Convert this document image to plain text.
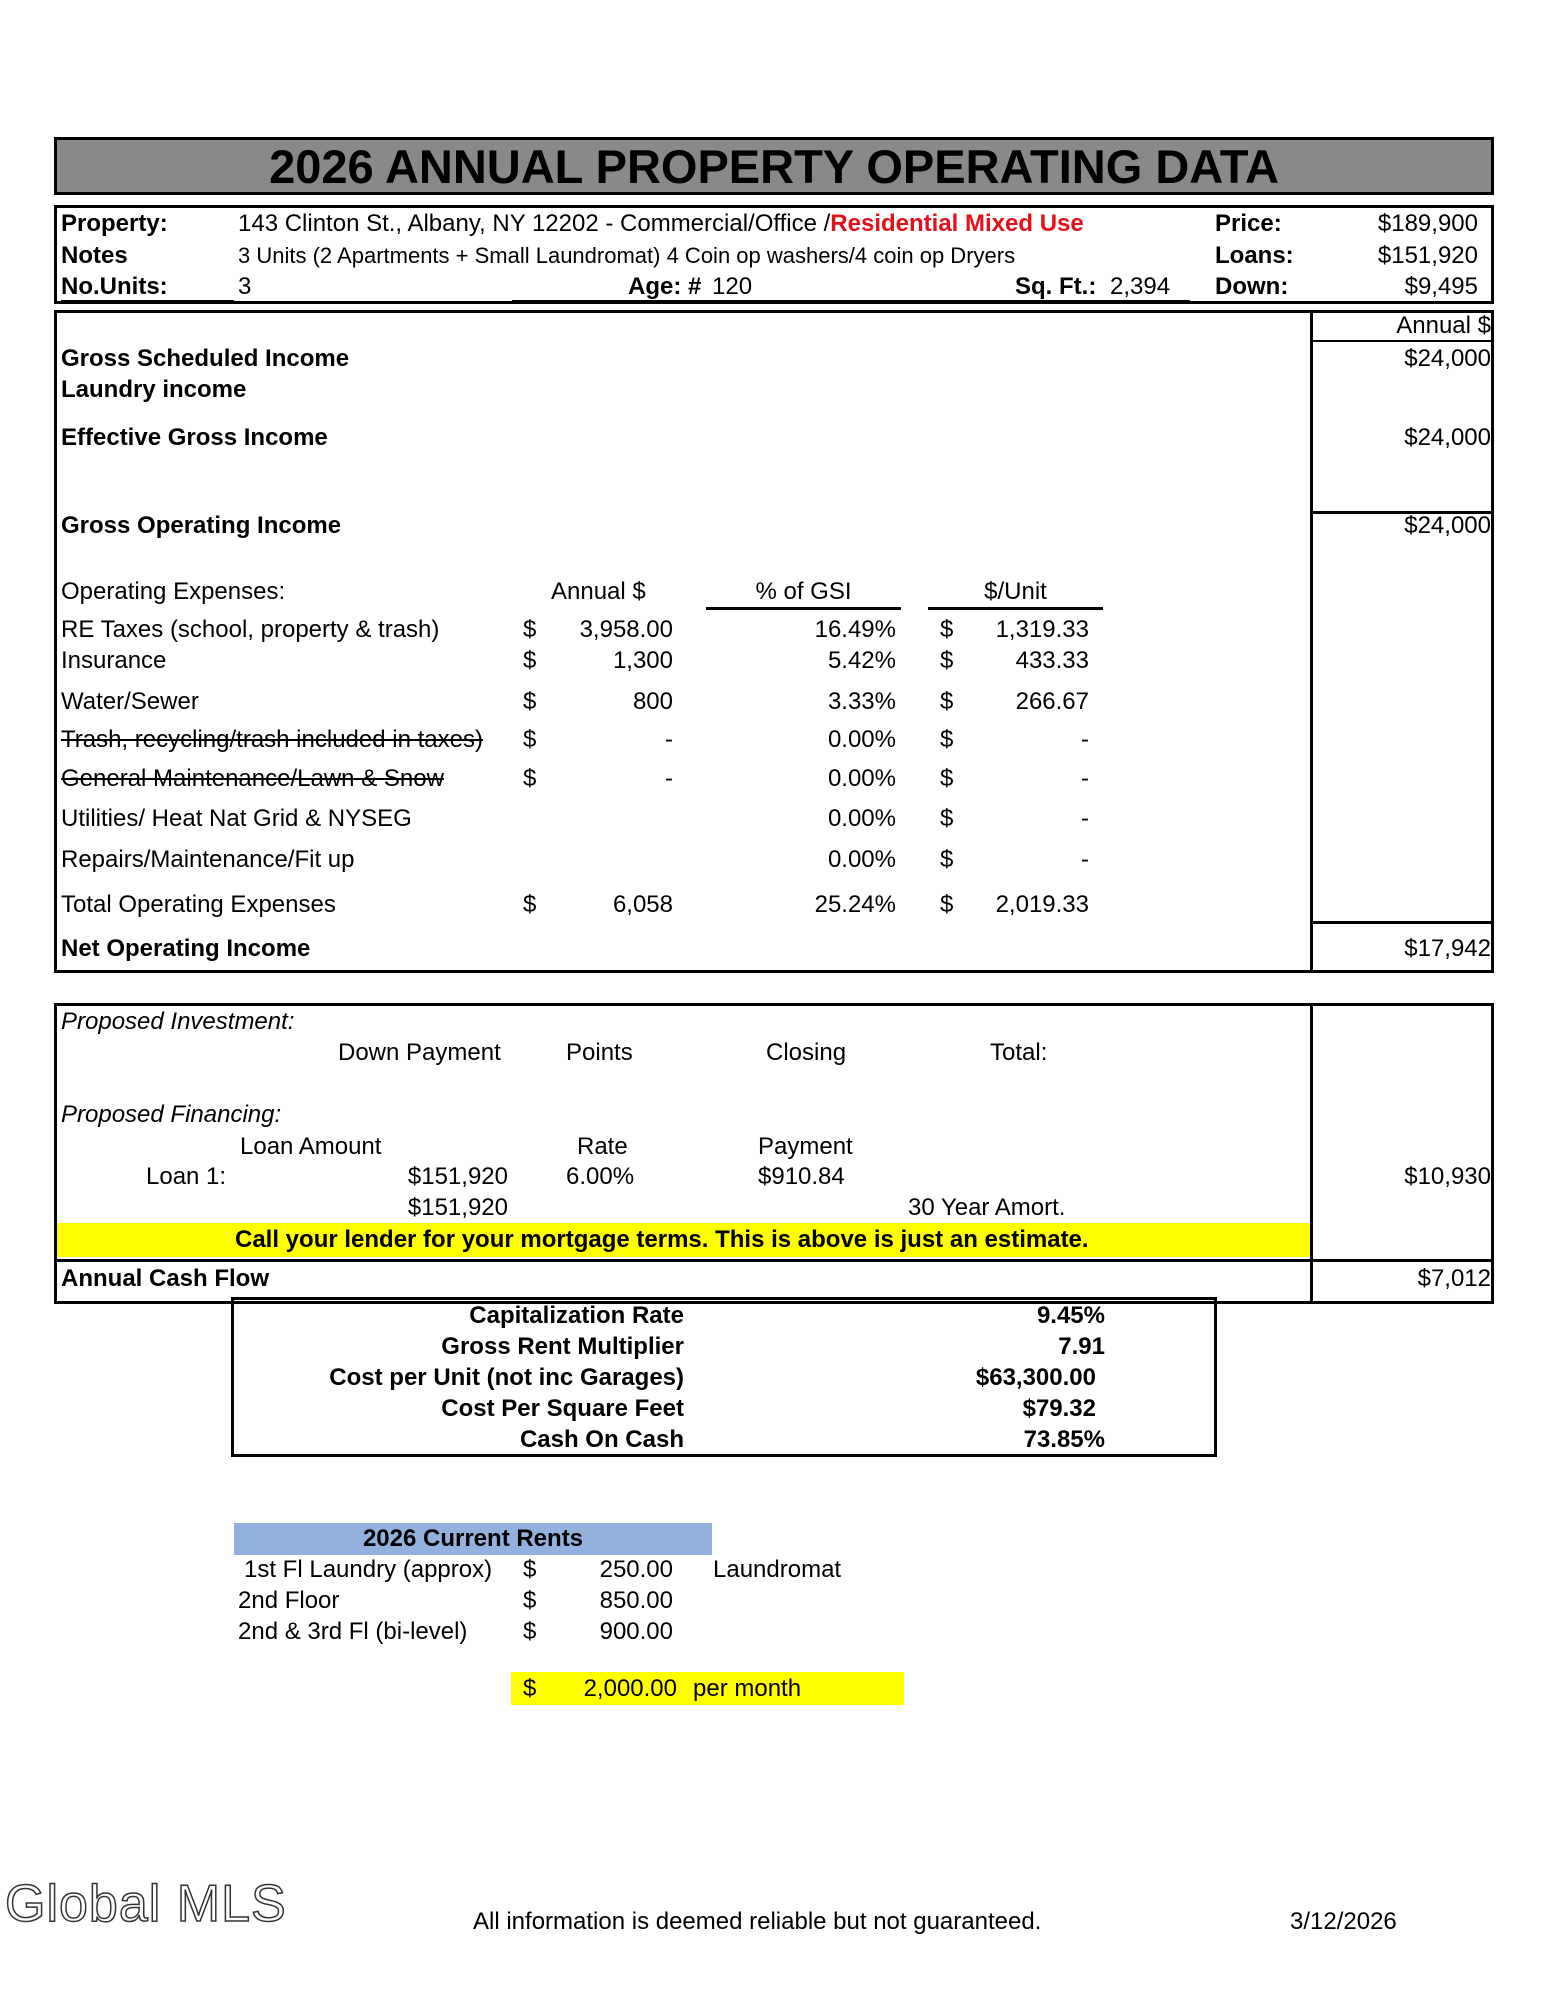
2026 ANNUAL PROPERTY OPERATING DATA
Property:	143 Clinton St., Albany, NY 12202 - Commercial/Office /Residential Mixed Use
Notes	3 Units (2 Apartments + Small Laundromat) 4 Coin op washers/4 coin op Dryers
No.Units:	3	Age: # 120	Sq. Ft.: 2,394
Price:	$189,900
Loans:	$151,920
Down:	$9,495
Annual $
Gross Scheduled Income	$24,000
Laundry income
Effective Gross Income	$24,000
Gross Operating Income	$24,000
Operating Expenses:	Annual $	% of GSI	$/Unit
RE Taxes (school, property & trash)	$ 3,958.00	16.49% $ 1,319.33
Insurance	$	1,300	5.42% $	433.33
Water/Sewer	$	800	3.33% $	266.67
Trash, recycling/trash included in taxes) $	-	0.00% $	-
General Maintenance/Lawn & Snow	$	-	0.00% $	-
Utilities/ Heat Nat Grid & NYSEG	0.00% $	-
Repairs/Maintenance/Fit up	0.00% $	-
Total Operating Expenses	$	6,058	25.24% $ 2,019.33
Net Operating Income	$17,942
Proposed Investment:
Down Payment	Points	Closing	Total:
Proposed Financing:
Loan Amount	Rate	Payment
Loan 1:	$151,920 6.00%	$910.84	$10,930
$151,920	30 Year Amort.
Call your lender for your mortgage terms. This is above is just an estimate.
Annual Cash Flow	$7,012
Capitalization Rate	9.45%
Gross Rent Multiplier	7.91
Cost per Unit (not inc Garages)	$63,300.00
Cost Per Square Feet	$79.32
Cash On Cash	73.85%
2026 Current Rents
1st Fl Laundry (approx) $	250.00 Laundromat
2nd Floor	$	850.00
2nd & 3rd Fl (bi-level) $	900.00
$ 2,000.00 per month
Global MLS	All information is deemed reliable but not guaranteed.	3/12/2026
